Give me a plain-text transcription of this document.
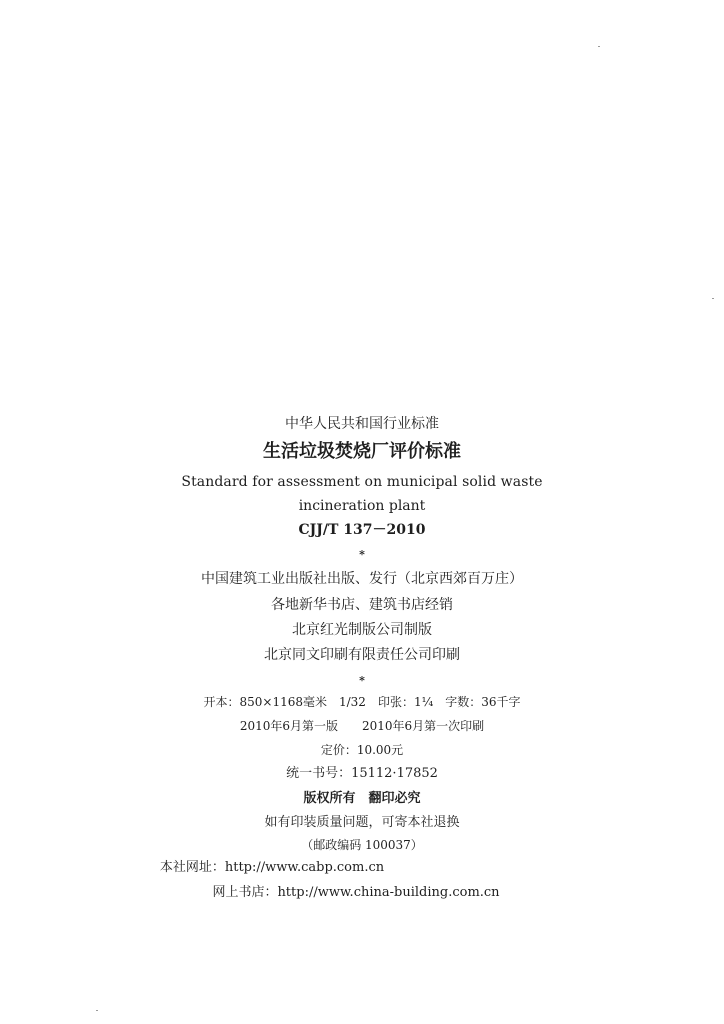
中华人民共和国行业标准
生活垃圾焚烧厂评价标准
Standard for assessment on municipal solid waste
incineration plant
CJJ/T 137－2010
*
中国建筑工业出版社出版、发行（北京西郊百万庄）
各地新华书店、建筑书店经销
北京红光制版公司制版
北京同文印刷有限责任公司印刷
*
开本：850×1168毫米　1/32　印张：1¼　字数：36千字
2010年6月第一版　　2010年6月第一次印刷
定价：10.00元
统一书号：15112·17852
版权所有　翻印必究
如有印装质量问题，可寄本社退换
（邮政编码 100037）
本社网址：http://www.cabp.com.cn
网上书店：http://www.china-building.com.cn
